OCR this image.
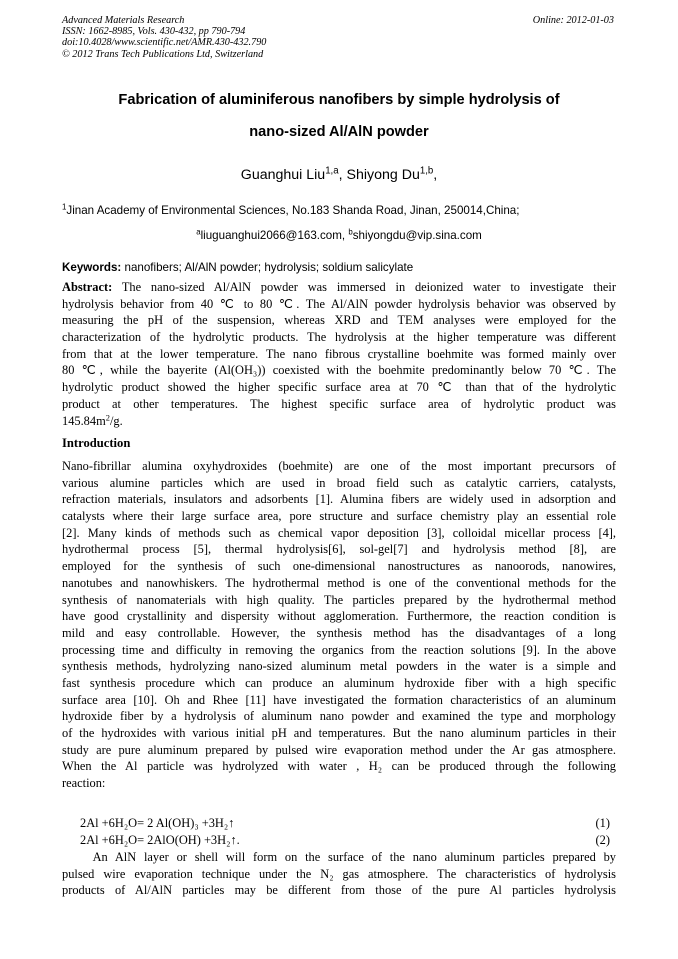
Advanced Materials Research
ISSN: 1662-8985, Vols. 430-432, pp 790-794
doi:10.4028/www.scientific.net/AMR.430-432.790
© 2012 Trans Tech Publications Ltd, Switzerland
Online: 2012-01-03
Fabrication of aluminiferous nanofibers by simple hydrolysis of
nano-sized Al/AlN powder
Guanghui Liu$^{1,a}$, Shiyong Du$^{1,b}$,
$^1$Jinan Academy of Environmental Sciences, No.183 Shanda Road, Jinan, 250014,China;
$^a$liuguanghui2066@163.com, $^b$shiyongdu@vip.sina.com
Keywords: nanofibers; Al/AlN powder; hydrolysis; soldium salicylate
Abstract: The nano-sized Al/AlN powder was immersed in deionized water to investigate their
hydrolysis behavior from 40 ℃ to 80 ℃. The Al/AlN powder hydrolysis behavior was observed by
measuring the pH of the suspension, whereas XRD and TEM analyses were employed for the
characterization of the hydrolytic products. The hydrolysis at the higher temperature was different
from that at the lower temperature. The nano fibrous crystalline boehmite was formed mainly over
80 ℃, while the bayerite (Al(OH₃)) coexisted with the boehmite predominantly below 70 ℃. The
hydrolytic product showed the higher specific surface area at 70 ℃ than that of the hydrolytic
product at other temperatures. The highest specific surface area of hydrolytic product was
$145.84m^2/g$.
Introduction
Nano-fibrillar alumina oxyhydroxides (boehmite) are one of the most important precursors of
various alumine particles which are used in broad field such as catalytic carriers, catalysts,
refraction materials, insulators and adsorbents [1]. Alumina fibers are widely used in adsorption and
catalysts where their large surface area, pore structure and surface chemistry play an essential role
[2]. Many kinds of methods such as chemical vapor deposition [3], colloidal micellar process [4],
hydrothermal process [5], thermal hydrolysis[6], sol-gel[7] and hydrolysis method [8], are
employed for the synthesis of such one-dimensional nanostructures as nanoorods, nanowires,
nanotubes and nanowhiskers. The hydrothermal method is one of the conventional methods for the
synthesis of nanomaterials with high quality. The particles prepared by the hydrothermal method
have good crystallinity and dispersity without agglomeration. Furthermore, the reaction condition is
mild and easy controllable. However, the synthesis method has the disadvantages of a long
processing time and difficulty in removing the organics from the reaction solutions [9]. In the above
synthesis methods, hydrolyzing nano-sized aluminum metal powders in the water is a simple and
fast synthesis procedure which can produce an aluminum hydroxide fiber with a high specific
surface area [10]. Oh and Rhee [11] have investigated the formation characteristics of an aluminum
hydroxide fiber by a hydrolysis of aluminum nano powder and examined the type and morphology
of the hydroxides with various initial pH and temperatures. But the nano aluminum particles in their
study are pure aluminum prepared by pulsed wire evaporation method under the Ar gas atmosphere.
When the Al particle was hydrolyzed with water , H₂ can be produced through the following
reaction:
2Al +6H₂O= 2 Al(OH)₃ +3H₂↑	(1)
2Al +6H₂O= 2AlO(OH) +3H₂↑.	(2)
An AlN layer or shell will form on the surface of the nano aluminum particles prepared by
pulsed wire evaporation technique under the N₂ gas atmosphere. The characteristics of hydrolysis
products of Al/AlN particles may be different from those of the pure Al particles hydrolysis
